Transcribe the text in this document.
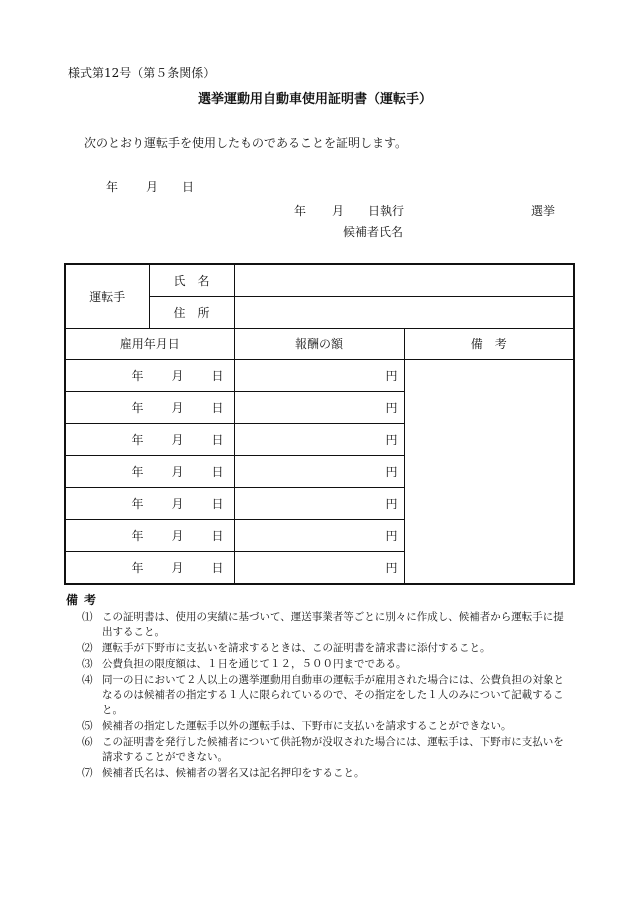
様式第12号（第５条関係）
選挙運動用自動車使用証明書（運転手）
次のとおり運転手を使用したものであることを証明します。
年 月 日
年 月 日執行	選挙
候補者氏名
運転手	氏　名		
	住　所		
雇用年月日		報酬の額	備　考

年 月 日		円	

年 月 日		円	

年 月 日		円	

年 月 日		円	

年 月 日		円	

年 月 日		円	

年 月 日		円	
備考
⑴ この証明書は、使用の実績に基づいて、運送事業者等ごとに別々に作成し、候補者から運転手に提出すること。
⑵ 運転手が下野市に支払いを請求するときは、この証明書を請求書に添付すること。
⑶ 公費負担の限度額は、１日を通じて１２，５００円までである。
⑷ 同一の日において２人以上の選挙運動用自動車の運転手が雇用された場合には、公費負担の対象となるのは候補者の指定する１人に限られているので、その指定をした１人のみについて記載すること。
⑸ 候補者の指定した運転手以外の運転手は、下野市に支払いを請求することができない。
⑹ この証明書を発行した候補者について供託物が没収された場合には、運転手は、下野市に支払いを請求することができない。
⑺ 候補者氏名は、候補者の署名又は記名押印をすること。
